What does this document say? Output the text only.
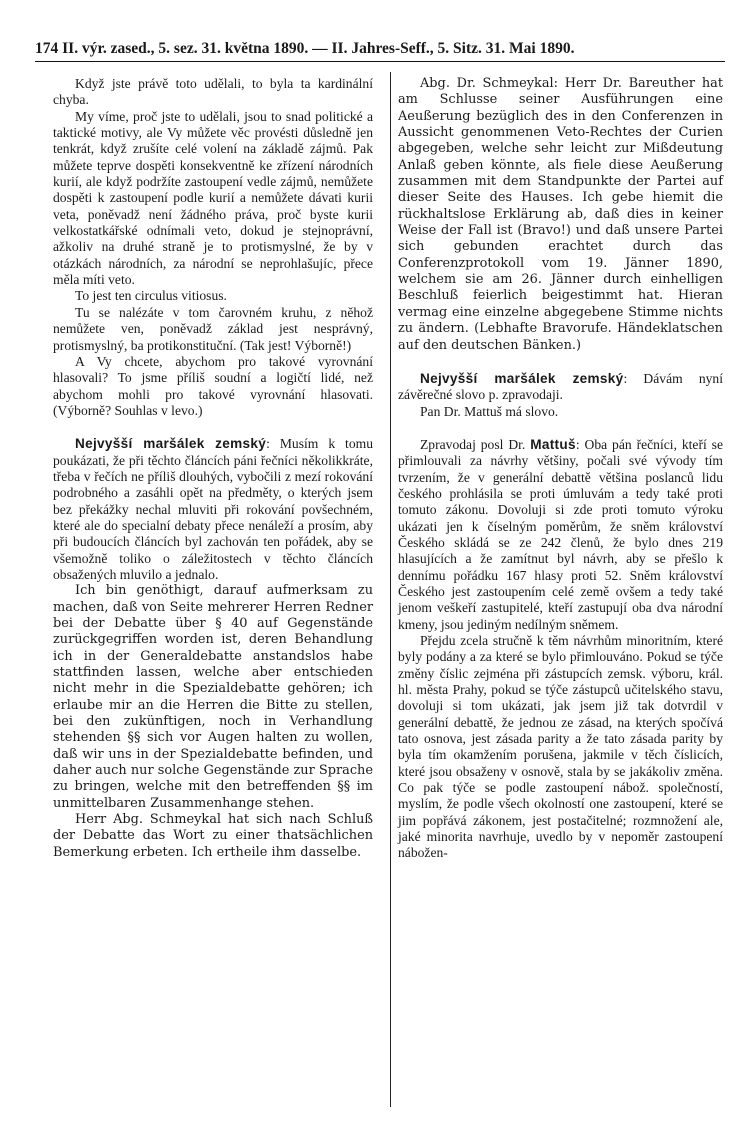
174 II. výr. zased., 5. sez. 31. května 1890. — II. Jahres-Seff., 5. Sitz. 31. Mai 1890.

Když jste právě toto udělali, to byla ta kardinální chyba.

My víme, proč jste to udělali, jsou to snad politické a taktické motivy, ale Vy můžete věc provésti důsledně jen tenkrát, když zrušíte celé volení na základě zájmů. Pak můžete teprve dospěti konsekventně ke zřízení národních kurií, ale když podržíte zastoupení vedle zájmů, nemůžete dospěti k zastoupení podle kurií a nemůžete dávati kurii veta, poněvadž není žádného práva, proč byste kurii velkostatkářské odnímali veto, dokud je stejnoprávní, ažkoliv na druhé straně je to protismyslné, že by v otázkách národních, za národní se neprohlašujíc, přece měla míti veto.

To jest ten circulus vitiosus.

Tu se nalézáte v tom čarovném kruhu, z něhož nemůžete ven, poněvadž základ jest nesprávný, protismyslný, ba protikonstituční. (Tak jest! Výborně!)

A Vy chcete, abychom pro takové vyrovnání hlasovali? To jsme příliš soudní a logičtí lidé, než abychom mohli pro takové vyrovnání hlasovati. (Výborně? Souhlas v levo.)

Nejvyšší maršálek zemský: Musím k tomu poukázati, že při těchto článcích páni řečníci několikkráte, třeba v řečích ne příliš dlouhých, vybočili z mezí rokování podrobného a zasáhli opět na předměty, o kterých jsem bez překážky nechal mluviti při rokování povšechném, které ale do specialní debaty přece nenáleží a prosím, aby při budoucích článcích byl zachován ten pořádek, aby se všemožně toliko o záležitostech v těchto článcích obsažených mluvilo a jednalo.

Ich bin genöthigt, darauf aufmerksam zu machen, daß von Seite mehrerer Herren Redner bei der Debatte über § 40 auf Gegenstände zurückgegriffen worden ist, deren Behandlung ich in der Generaldebatte anstandslos habe stattfinden lassen, welche aber entschieden nicht mehr in die Spezialdebatte gehören; ich erlaube mir an die Herren die Bitte zu stellen, bei den zukünftigen, noch in Verhandlung stehenden §§ sich vor Augen halten zu wollen, daß wir uns in der Spezialdebatte befinden, und daher auch nur solche Gegenstände zur Sprache zu bringen, welche mit den betreffenden §§ im unmittelbaren Zusammenhange stehen.

Herr Abg. Schmeykal hat sich nach Schluß der Debatte das Wort zu einer thatsächlichen Bemerkung erbeten. Ich ertheile ihm dasselbe.

Abg. Dr. Schmeykal: Herr Dr. Bareuther hat am Schlusse seiner Ausführungen eine Aeußerung bezüglich des in den Conferenzen in Aussicht genommenen Veto-Rechtes der Curien abgegeben, welche sehr leicht zur Mißdeutung Anlaß geben könnte, als fiele diese Aeußerung zusammen mit dem Standpunkte der Partei auf dieser Seite des Hauses. Ich gebe hiemit die rückhaltslose Erklärung ab, daß dies in keiner Weise der Fall ist (Bravo!) und daß unsere Partei sich gebunden erachtet durch das Conferenzprotokoll vom 19. Jänner 1890, welchem sie am 26. Jänner durch einhelligen Beschluß feierlich beigestimmt hat. Hieran vermag eine einzelne abgegebene Stimme nichts zu ändern. (Lebhafte Bravorufe. Händeklatschen auf den deutschen Bänken.)

Nejvyšší maršálek zemský: Dávám nyní závěrečné slovo p. zpravodaji.

Pan Dr. Mattuš má slovo.

Zpravodaj posl Dr. Mattuš: Oba pán řečníci, kteří se přimlouvali za návrhy většiny, počali své vývody tím tvrzením, že v generální debattě většina poslanců lidu českého prohlásila se proti úmluvám a tedy také proti tomuto zákonu. Dovoluji si zde proti tomuto výroku ukázati jen k číselným poměrům, že sněm království Českého skládá se ze 242 členů, že bylo dnes 219 hlasujících a že zamítnut byl návrh, aby se přešlo k dennímu pořádku 167 hlasy proti 52. Sněm království Českého jest zastoupením celé země ovšem a tedy také jenom veškeří zastupitelé, kteří zastupují oba dva národní kmeny, jsou jediným nedílným sněmem.

Přejdu zcela stručně k těm návrhům minoritním, které byly podány a za které se bylo přimlouváno. Pokud se týče změny číslic zejména při zástupcích zemsk. výboru, král. hl. města Prahy, pokud se týče zástupců učitelského stavu, dovoluji si tom ukázati, jak jsem již tak dotvrdil v generální debattě, že jednou ze zásad, na kterých spočívá tato osnova, jest zásada parity a že tato zásada parity by byla tím okamžením porušena, jakmile v těch číslicích, které jsou obsaženy v osnově, stala by se jakákoliv změna. Co pak týče se podle zastoupení nábož. společností, myslím, že podle všech okolností one zastoupení, které se jim popřává zákonem, jest postačitelné; rozmnožení ale, jaké minorita navrhuje, uvedlo by v nepoměr zastoupení nábožen-
